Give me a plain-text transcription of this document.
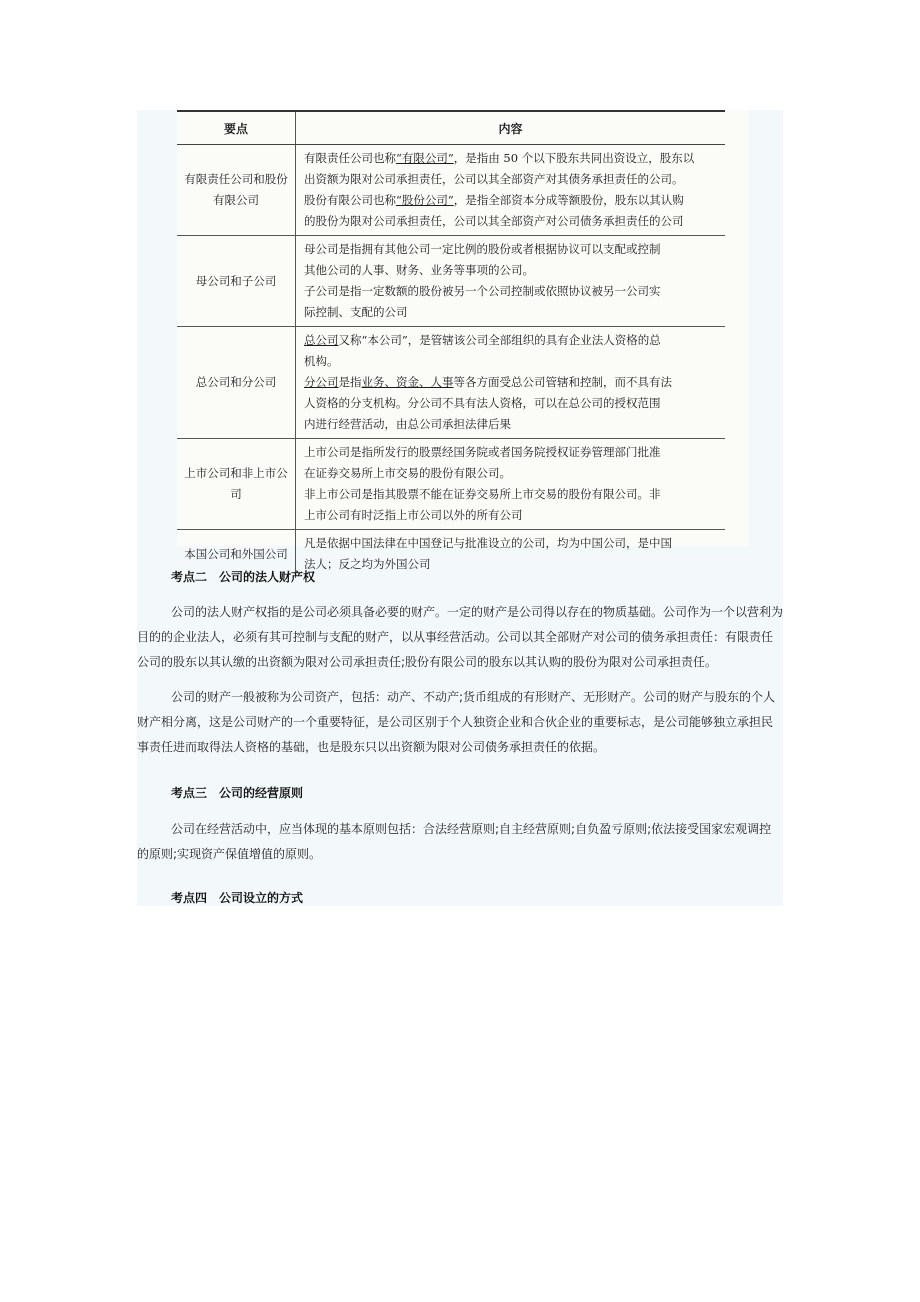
要点	内容
有限责任公司和股份有限公司	有限责任公司也称“有限公司”，是指由 50 个以下股东共同出资设立，股东以
出资额为限对公司承担责任，公司以其全部资产对其债务承担责任的公司。
股份有限公司也称“股份公司”，是指全部资本分成等额股份，股东以其认购
的股份为限对公司承担责任，公司以其全部资产对公司债务承担责任的公司

母公司和子公司	母公司是指拥有其他公司一定比例的股份或者根据协议可以支配或控制
其他公司的人事、财务、业务等事项的公司。
子公司是指一定数额的股份被另一个公司控制或依照协议被另一公司实
际控制、支配的公司

总公司和分公司	总公司又称“本公司”，是管辖该公司全部组织的具有企业法人资格的总
机构。
分公司是指业务、资金、人事等各方面受总公司管辖和控制，而不具有法
人资格的分支机构。分公司不具有法人资格，可以在总公司的授权范围
内进行经营活动，由总公司承担法律后果

上市公司和非上市公司	上市公司是指所发行的股票经国务院或者国务院授权证券管理部门批准
在证券交易所上市交易的股份有限公司。
非上市公司是指其股票不能在证券交易所上市交易的股份有限公司。非
上市公司有时泛指上市公司以外的所有公司

本国公司和外国公司	凡是依据中国法律在中国登记与批准设立的公司，均为中国公司，是中国
法人；反之均为外国公司
考点二　公司的法人财产权

公司的法人财产权指的是公司必须具备必要的财产。一定的财产是公司得以存在的物质基础。公司作为一个以营利为目的的企业法人，必须有其可控制与支配的财产，以从事经营活动。公司以其全部财产对公司的债务承担责任：有限责任公司的股东以其认缴的出资额为限对公司承担责任;股份有限公司的股东以其认购的股份为限对公司承担责任。

公司的财产一般被称为公司资产，包括：动产、不动产;货币组成的有形财产、无形财产。公司的财产与股东的个人财产相分离，这是公司财产的一个重要特征，是公司区别于个人独资企业和合伙企业的重要标志，是公司能够独立承担民事责任进而取得法人资格的基础，也是股东只以出资额为限对公司债务承担责任的依据。

考点三　公司的经营原则

公司在经营活动中，应当体现的基本原则包括：合法经营原则;自主经营原则;自负盈亏原则;依法接受国家宏观调控的原则;实现资产保值增值的原则。

考点四　公司设立的方式
